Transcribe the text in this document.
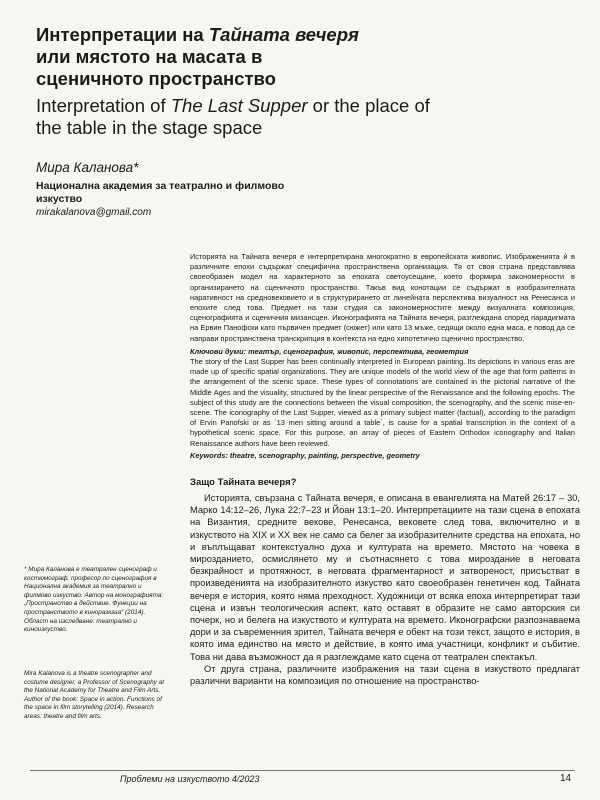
Интерпретации на Тайната вечеря или мястото на масата в сценичното пространство
Interpretation of The Last Supper or the place of the table in the stage space
Мира Каланова*
Национална академия за театрално и филмово изкуство
mirakalanova@gmail.com
Историята на Тайната вечеря е интерпретирана многократно в европейската живопис. Изображенията ѝ в различните епохи съдържат специфична пространствена организация. Тя от своя страна представлява своеобразен модел на характерното за епохата светоусещане, което формира закономерности в организирането на сценичното пространство. Такъв вид конотации се съдържат в изобразителната наративност на средновековието и в структурирането от линейната перспектива визуалност на Ренесанса и епохите след това. Предмет на тази студия са закономерностите между визуалната композиция, сценографията и сценичния мизансцен. Иконографията на Тайната вечеря, разглеждана според парадигмата на Ервин Панофски като първичен предмет (сюжет) или като 13 мъже, седящи около една маса, е повод да се направи пространствена транскрипция в контекста на едно хипотетично сценично пространство.
Ключови думи: театър, сценография, живопис, перспектива, геометрия
The story of the Last Supper has been continually interpreted in European painting. Its depictions in various eras are made up of specific spatial organizations. They are unique models of the world view of the age that form patterns in the arrangement of the scenic space. These types of connotations are contained in the pictorial narrative of the Middle Ages and the visuality, structured by the linear perspective of the Renaissance and the following epochs. The subject of this study are the connections between the visual composition, the scenography, and the scenic mise-en-scene. The iconography of the Last Supper, viewed as a primary subject matter (factual), according to the paradigm of Ervin Panofski or as `13 men sitting around a table`, is cause for a spatial transcription in the context of a hypothetical scenic space. For this purpose, an array of pieces of Eastern Orthodox iconography and Italian Renaissance authors have been reviewed.
Keywords: theatre, scenography, painting, perspective, geometry
Защо Тайната вечеря?

Историята, свързана с Тайната вечеря, е описана в евангелията на Матей 26:17 – 30, Марко 14:12–26, Лука 22:7–23 и Йоан 13:1–20. Интерпретациите на тази сцена в епохата на Византия, средните векове, Ренесанса, вековете след това, включително и в изкуството на XIX и XX век не само са белег за изобразителните средства на епохата, но и въплъщават контекстуално духа и културата на времето. Мястото на човека в мирозданието, осмислянето му и съотнасянето с това мироздание в неговата безкрайност и протяжност, в неговата фрагментарност и затвореност, присъстват в произведенията на изобразителното изкуство като своеобразен генетичен код. Тайната вечеря е история, която няма преходност. Художници от всяка епоха интерпретират тази сцена и извън теологическия аспект, като оставят в образите не само авторския си почерк, но и белега на изкуството и културата на времето. Иконографски разпознаваема дори и за съвременния зрител, Тайната вечеря е обект на този текст, защото е история, в която има единство на място и действие, в която има участници, конфликт и събитие. Това ни дава възможност да я разглеждаме като сцена от театрален спектакъл.

От друга страна, различните изображения на тази сцена в изкуството предлагат различни варианти на композиция по отношение на пространство-

* Мира Каланова е театрален сценограф и костюмограф, професор по сценография в Национална академия за театрално и филмово изкуство. Автор на монографията: „Пространство в действие. Функции на пространството в киноразказа“ (2014). Област на изследване: театрално и киноизкуство.
Mira Kalanova is a theatre scenographer and costume designer, a Professor of Scenography at the National Academy for Theatre and Film Arts. Author of the book: Space in action. Functions of the space in film storytelling (2014). Research areas: theatre and film arts.
Проблеми на изкуството 4/2023	14
